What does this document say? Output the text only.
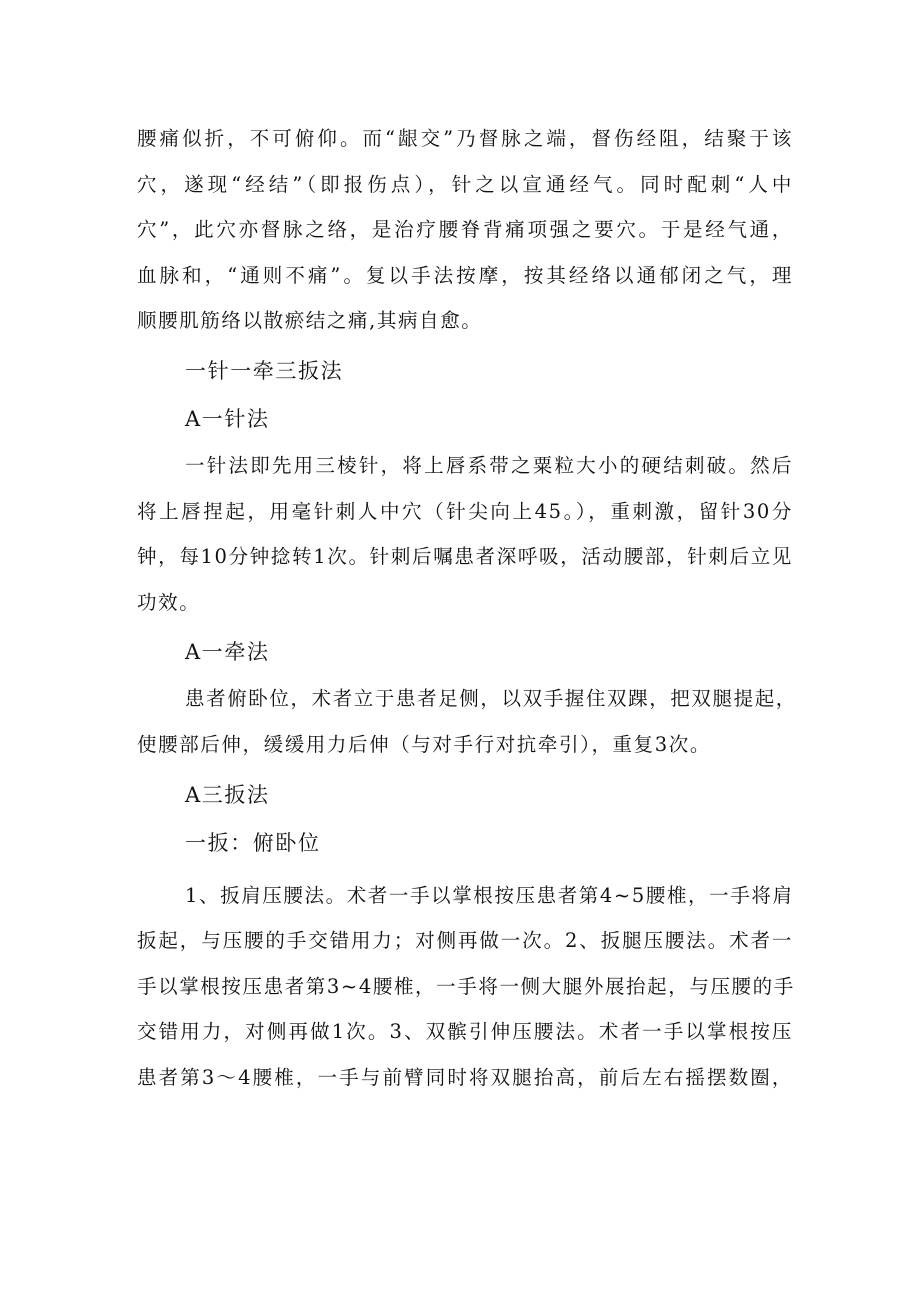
腰痛似折，不可俯仰。而“龈交”乃督脉之端，督伤经阻，结聚于该
穴，遂现“经结”（即报伤点），针之以宣通经气。同时配刺“人中
穴”，此穴亦督脉之络，是治疗腰脊背痛项强之要穴。于是经气通，
血脉和，“通则不痛”。复以手法按摩，按其经络以通郁闭之气，理
顺腰肌筋络以散瘀结之痛,其病自愈。
一针一牵三扳法
A一针法
一针法即先用三棱针，将上唇系带之粟粒大小的硬结刺破。然后
将上唇捏起，用毫针刺人中穴（针尖向上45。），重刺激，留针30分
钟，每10分钟捻转1次。针刺后嘱患者深呼吸，活动腰部，针刺后立见
功效。
A一牵法
患者俯卧位，术者立于患者足侧，以双手握住双踝，把双腿提起，
使腰部后伸，缓缓用力后伸（与对手行对抗牵引），重复3次。
A三扳法
一扳：俯卧位
1、扳肩压腰法。术者一手以掌根按压患者第4~5腰椎，一手将肩
扳起，与压腰的手交错用力；对侧再做一次。2、扳腿压腰法。术者一
手以掌根按压患者第3~4腰椎，一手将一侧大腿外展抬起，与压腰的手
交错用力，对侧再做1次。3、双髌引伸压腰法。术者一手以掌根按压
患者第3～4腰椎，一手与前臂同时将双腿抬高，前后左右摇摆数圈，
